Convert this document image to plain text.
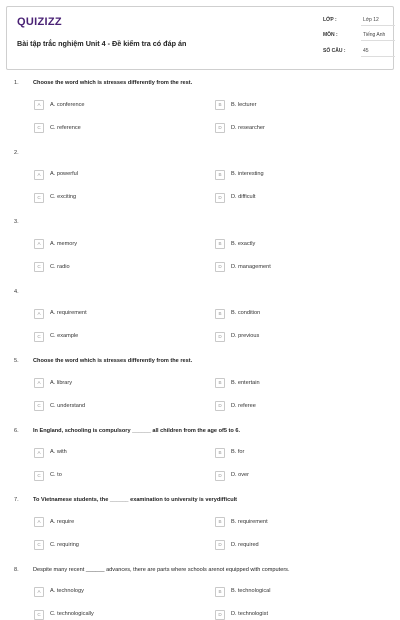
QUIZIZZ
Bài tập trắc nghiệm Unit 4 - Đề kiểm tra có đáp án
LỚP :	Lớp 12
MÔN :	Tiếng Anh
SỐ CÂU :	45
1.	Choose the word which is stresses differently from the rest.
A	A. conference	B	B. lecturer
C	C. reference	D	D. researcher
2.
A	A. powerful	B	B. interesting
C	C. exciting	D	D. difficult
3.
A	A. memory	B	B. exactly
C	C. radio	D	D. management
4.
A	A. requirement	B	B. condition
C	C. example	D	D. previous
5.	Choose the word which is stresses differently from the rest.
A	A. library	B	B. entertain
C	C. understand	D	D. referee
6.	In England, schooling is compulsory ______ all children from the age of5 to 6.
A	A. with	B	B. for
C	C. to	D	D. over
7.	To Vietnamese students, the ______ examination to university is verydifficult
A	A. require	B	B. requirement
C	C. requiring	D	D. required
8.	Despite many recent ______ advances, there are parts where schools arenot equipped with computers.
A	A. technology	B	B. technological
C	C. technologically	D	D. technologist
